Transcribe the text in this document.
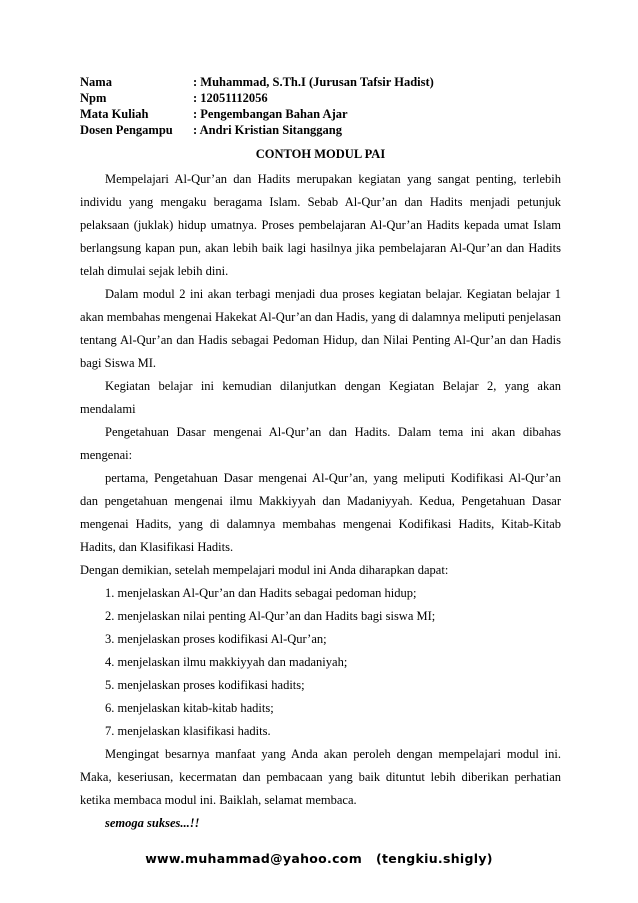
Nama	: Muhammad, S.Th.I (Jurusan Tafsir Hadist)
Npm	: 12051112056
Mata Kuliah	: Pengembangan Bahan Ajar
Dosen Pengampu	: Andri Kristian Sitanggang
CONTOH MODUL PAI

Mempelajari Al-Qur’an dan Hadits merupakan kegiatan yang sangat penting, terlebih individu yang mengaku beragama Islam. Sebab Al-Qur’an dan Hadits menjadi petunjuk pelaksaan (juklak) hidup umatnya. Proses pembelajaran Al-Qur’an Hadits kepada umat Islam berlangsung kapan pun, akan lebih baik lagi hasilnya jika pembelajaran Al-Qur’an dan Hadits telah dimulai sejak lebih dini.

Dalam modul 2 ini akan terbagi menjadi dua proses kegiatan belajar. Kegiatan belajar 1 akan membahas mengenai Hakekat Al-Qur’an dan Hadis, yang di dalamnya meliputi penjelasan tentang Al-Qur’an dan Hadis sebagai Pedoman Hidup, dan Nilai Penting Al-Qur’an dan Hadis bagi Siswa MI.

Kegiatan belajar ini kemudian dilanjutkan dengan Kegiatan Belajar 2, yang akan mendalami

Pengetahuan Dasar mengenai Al-Qur’an dan Hadits. Dalam tema ini akan dibahas mengenai:

pertama, Pengetahuan Dasar mengenai Al-Qur’an, yang meliputi Kodifikasi Al-Qur’an dan pengetahuan mengenai ilmu Makkiyyah dan Madaniyyah. Kedua, Pengetahuan Dasar mengenai Hadits, yang di dalamnya membahas mengenai Kodifikasi Hadits, Kitab-Kitab Hadits, dan Klasifikasi Hadits.

Dengan demikian, setelah mempelajari modul ini Anda diharapkan dapat:

1. menjelaskan Al-Qur’an dan Hadits sebagai pedoman hidup;
2. menjelaskan nilai penting Al-Qur’an dan Hadits bagi siswa MI;
3. menjelaskan proses kodifikasi Al-Qur’an;
4. menjelaskan ilmu makkiyyah dan madaniyah;
5. menjelaskan proses kodifikasi hadits;
6. menjelaskan kitab-kitab hadits;
7. menjelaskan klasifikasi hadits.

Mengingat besarnya manfaat yang Anda akan peroleh dengan mempelajari modul ini. Maka, keseriusan, kecermatan dan pembacaan yang baik dituntut lebih diberikan perhatian ketika membaca modul ini. Baiklah, selamat membaca.

semoga sukses...!!
www.muhammad@yahoo.com (tengkiu.shigly)
